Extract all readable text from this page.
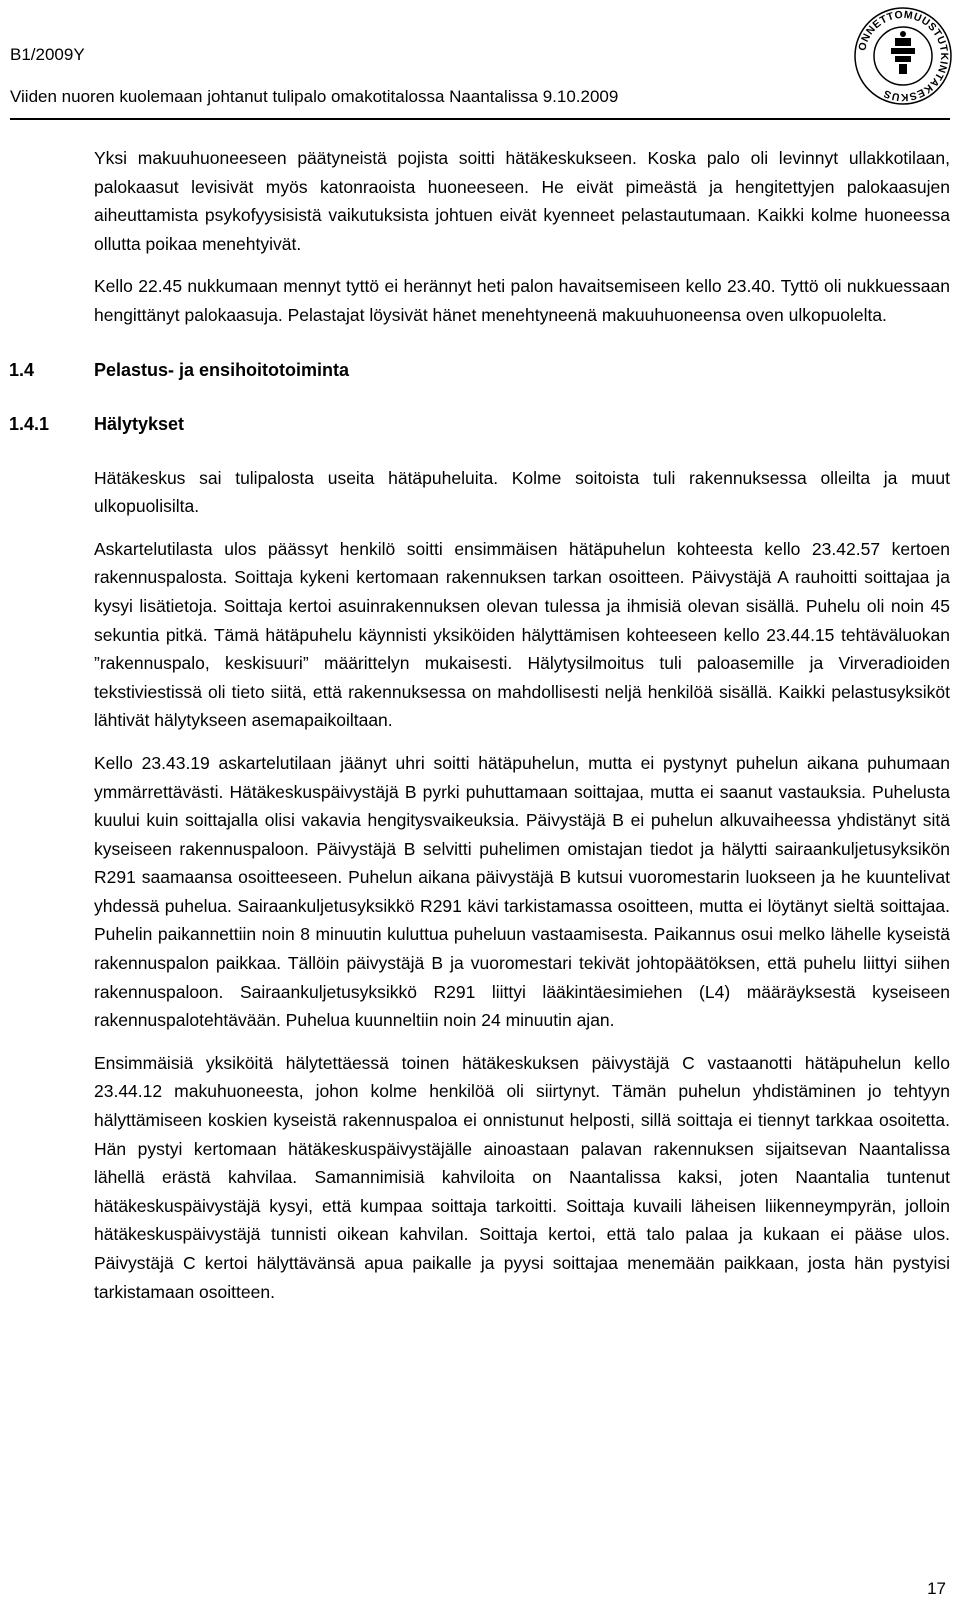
B1/2009Y

Viiden nuoren kuolemaan johtanut tulipalo omakotitalossa Naantalissa 9.10.2009

ONNETTOMUUSTUTKINTAKESKUS

Yksi makuuhuoneeseen päätyneistä pojista soitti hätäkeskukseen. Koska palo oli levinnyt ullakkotilaan, palokaasut levisivät myös katonraoista huoneeseen. He eivät pimeästä ja hengitettyjen palokaasujen aiheuttamista psykofyysisistä vaikutuksista johtuen eivät kyenneet pelastautumaan. Kaikki kolme huoneessa ollutta poikaa menehtyivät.

Kello 22.45 nukkumaan mennyt tyttö ei herännyt heti palon havaitsemiseen kello 23.40. Tyttö oli nukkuessaan hengittänyt palokaasuja. Pelastajat löysivät hänet menehtyneenä makuuhuoneensa oven ulkopuolelta.

1.4	Pelastus- ja ensihoitotoiminta

1.4.1 Hälytykset

Hätäkeskus sai tulipalosta useita hätäpuheluita. Kolme soitoista tuli rakennuksessa olleilta ja muut ulkopuolisilta.

Askartelutilasta ulos päässyt henkilö soitti ensimmäisen hätäpuhelun kohteesta kello 23.42.57 kertoen rakennuspalosta. Soittaja kykeni kertomaan rakennuksen tarkan osoitteen. Päivystäjä A rauhoitti soittajaa ja kysyi lisätietoja. Soittaja kertoi asuinrakennuksen olevan tulessa ja ihmisiä olevan sisällä. Puhelu oli noin 45 sekuntia pitkä. Tämä hätäpuhelu käynnisti yksiköiden hälyttämisen kohteeseen kello 23.44.15 tehtäväluokan ”rakennuspalo, keskisuuri” määrittelyn mukaisesti. Hälytysilmoitus tuli paloasemille ja Virveradioiden tekstiviestissä oli tieto siitä, että rakennuksessa on mahdollisesti neljä henkilöä sisällä. Kaikki pelastusyksiköt lähtivät hälytykseen asemapaikoiltaan.

Kello 23.43.19 askartelutilaan jäänyt uhri soitti hätäpuhelun, mutta ei pystynyt puhelun aikana puhumaan ymmärrettävästi. Hätäkeskuspäivystäjä B pyrki puhuttamaan soittajaa, mutta ei saanut vastauksia. Puhelusta kuului kuin soittajalla olisi vakavia hengitysvaikeuksia. Päivystäjä B ei puhelun alkuvaiheessa yhdistänyt sitä kyseiseen rakennuspaloon. Päivystäjä B selvitti puhelimen omistajan tiedot ja hälytti sairaankuljetusyksikön R291 saamaansa osoitteeseen. Puhelun aikana päivystäjä B kutsui vuoromestarin luokseen ja he kuuntelivat yhdessä puhelua. Sairaankuljetusyksikkö R291 kävi tarkistamassa osoitteen, mutta ei löytänyt sieltä soittajaa. Puhelin paikannettiin noin 8 minuutin kuluttua puheluun vastaamisesta. Paikannus osui melko lähelle kyseistä rakennuspalon paikkaa. Tällöin päivystäjä B ja vuoromestari tekivät johtopäätöksen, että puhelu liittyi siihen rakennuspaloon. Sairaankuljetusyksikkö R291 liittyi lääkintäesimiehen (L4) määräyksestä kyseiseen rakennuspalotehtävään. Puhelua kuunneltiin noin 24 minuutin ajan.

Ensimmäisiä yksiköitä hälytettäessä toinen hätäkeskuksen päivystäjä C vastaanotti hätäpuhelun kello 23.44.12 makuhuoneesta, johon kolme henkilöä oli siirtynyt. Tämän puhelun yhdistäminen jo tehtyyn hälyttämiseen koskien kyseistä rakennuspaloa ei onnistunut helposti, sillä soittaja ei tiennyt tarkkaa osoitetta. Hän pystyi kertomaan hätäkeskuspäivystäjälle ainoastaan palavan rakennuksen sijaitsevan Naantalissa lähellä erästä kahvilaa. Samannimisiä kahviloita on Naantalissa kaksi, joten Naantalia tuntenut hätäkeskuspäivystäjä kysyi, että kumpaa soittaja tarkoitti. Soittaja kuvaili läheisen liikenneympyrän, jolloin hätäkeskuspäivystäjä tunnisti oikean kahvilan. Soittaja kertoi, että talo palaa ja kukaan ei pääse ulos. Päivystäjä C kertoi hälyttävänsä apua paikalle ja pyysi soittajaa menemään paikkaan, josta hän pystyisi tarkistamaan osoitteen.

17
